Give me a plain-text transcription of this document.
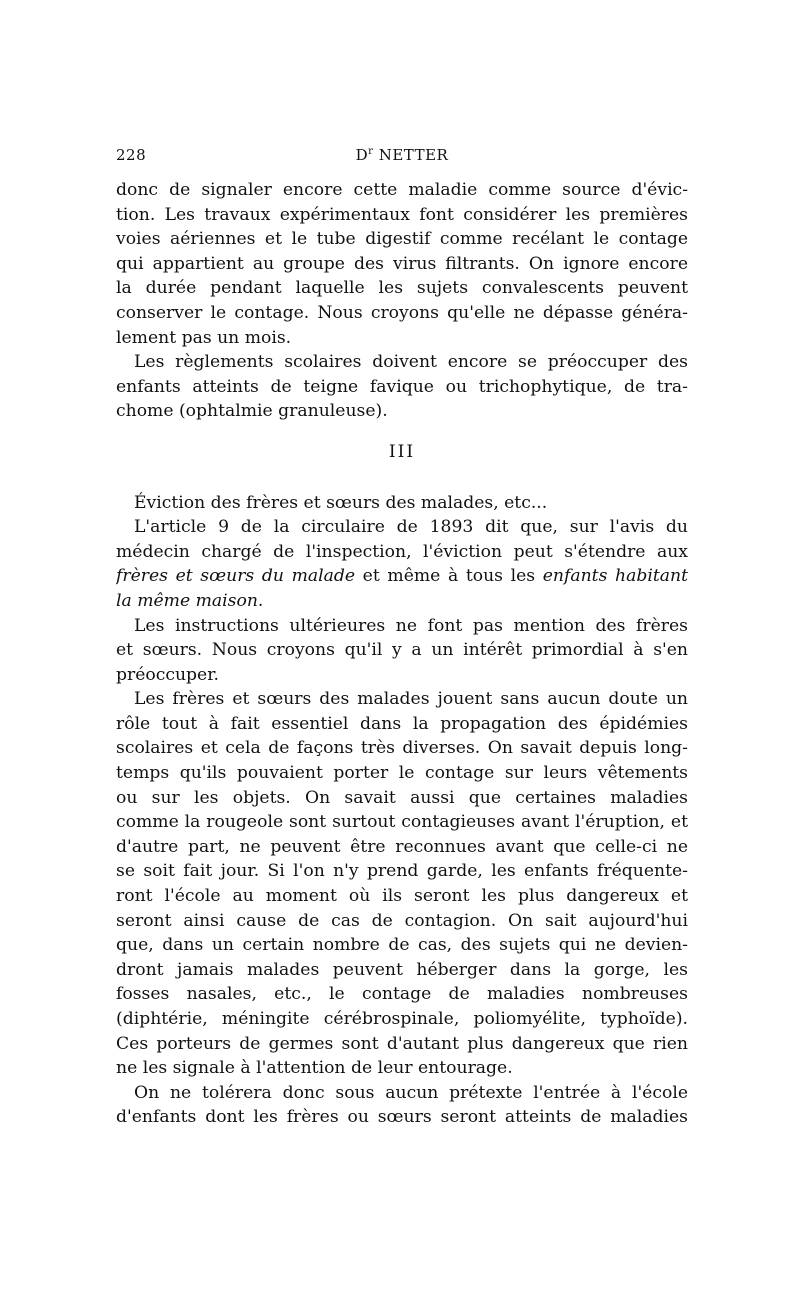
228	$D^r$ NETTER
donc de signaler encore cette maladie comme source d'évic-
tion. Les travaux expérimentaux font considérer les premières
voies aériennes et le tube digestif comme recélant le contage
qui appartient au groupe des virus filtrants. On ignore encore
la durée pendant laquelle les sujets convalescents peuvent
conserver le contage. Nous croyons qu'elle ne dépasse généra-
lement pas un mois.
Les règlements scolaires doivent encore se préoccuper des
enfants atteints de teigne favique ou trichophytique, de tra-
chome (ophtalmie granuleuse).
III
Éviction des frères et sœurs des malades, etc...
L'article 9 de la circulaire de 1893 dit que, sur l'avis du
médecin chargé de l'inspection, l'éviction peut s'étendre aux
frères et sœurs du malade et même à tous les enfants habitant
la même maison.
Les instructions ultérieures ne font pas mention des frères
et sœurs. Nous croyons qu'il y a un intérêt primordial à s'en
préoccuper.
Les frères et sœurs des malades jouent sans aucun doute un
rôle tout à fait essentiel dans la propagation des épidémies
scolaires et cela de façons très diverses. On savait depuis long-
temps qu'ils pouvaient porter le contage sur leurs vêtements
ou sur les objets. On savait aussi que certaines maladies
comme la rougeole sont surtout contagieuses avant l'éruption, et
d'autre part, ne peuvent être reconnues avant que celle-ci ne
se soit fait jour. Si l'on n'y prend garde, les enfants fréquente-
ront l'école au moment où ils seront les plus dangereux et
seront ainsi cause de cas de contagion. On sait aujourd'hui
que, dans un certain nombre de cas, des sujets qui ne devien-
dront jamais malades peuvent héberger dans la gorge, les
fosses nasales, etc., le contage de maladies nombreuses
(diphtérie, méningite cérébrospinale, poliomyélite, typhoïde).
Ces porteurs de germes sont d'autant plus dangereux que rien
ne les signale à l'attention de leur entourage.
On ne tolérera donc sous aucun prétexte l'entrée à l'école
d'enfants dont les frères ou sœurs seront atteints de maladies
